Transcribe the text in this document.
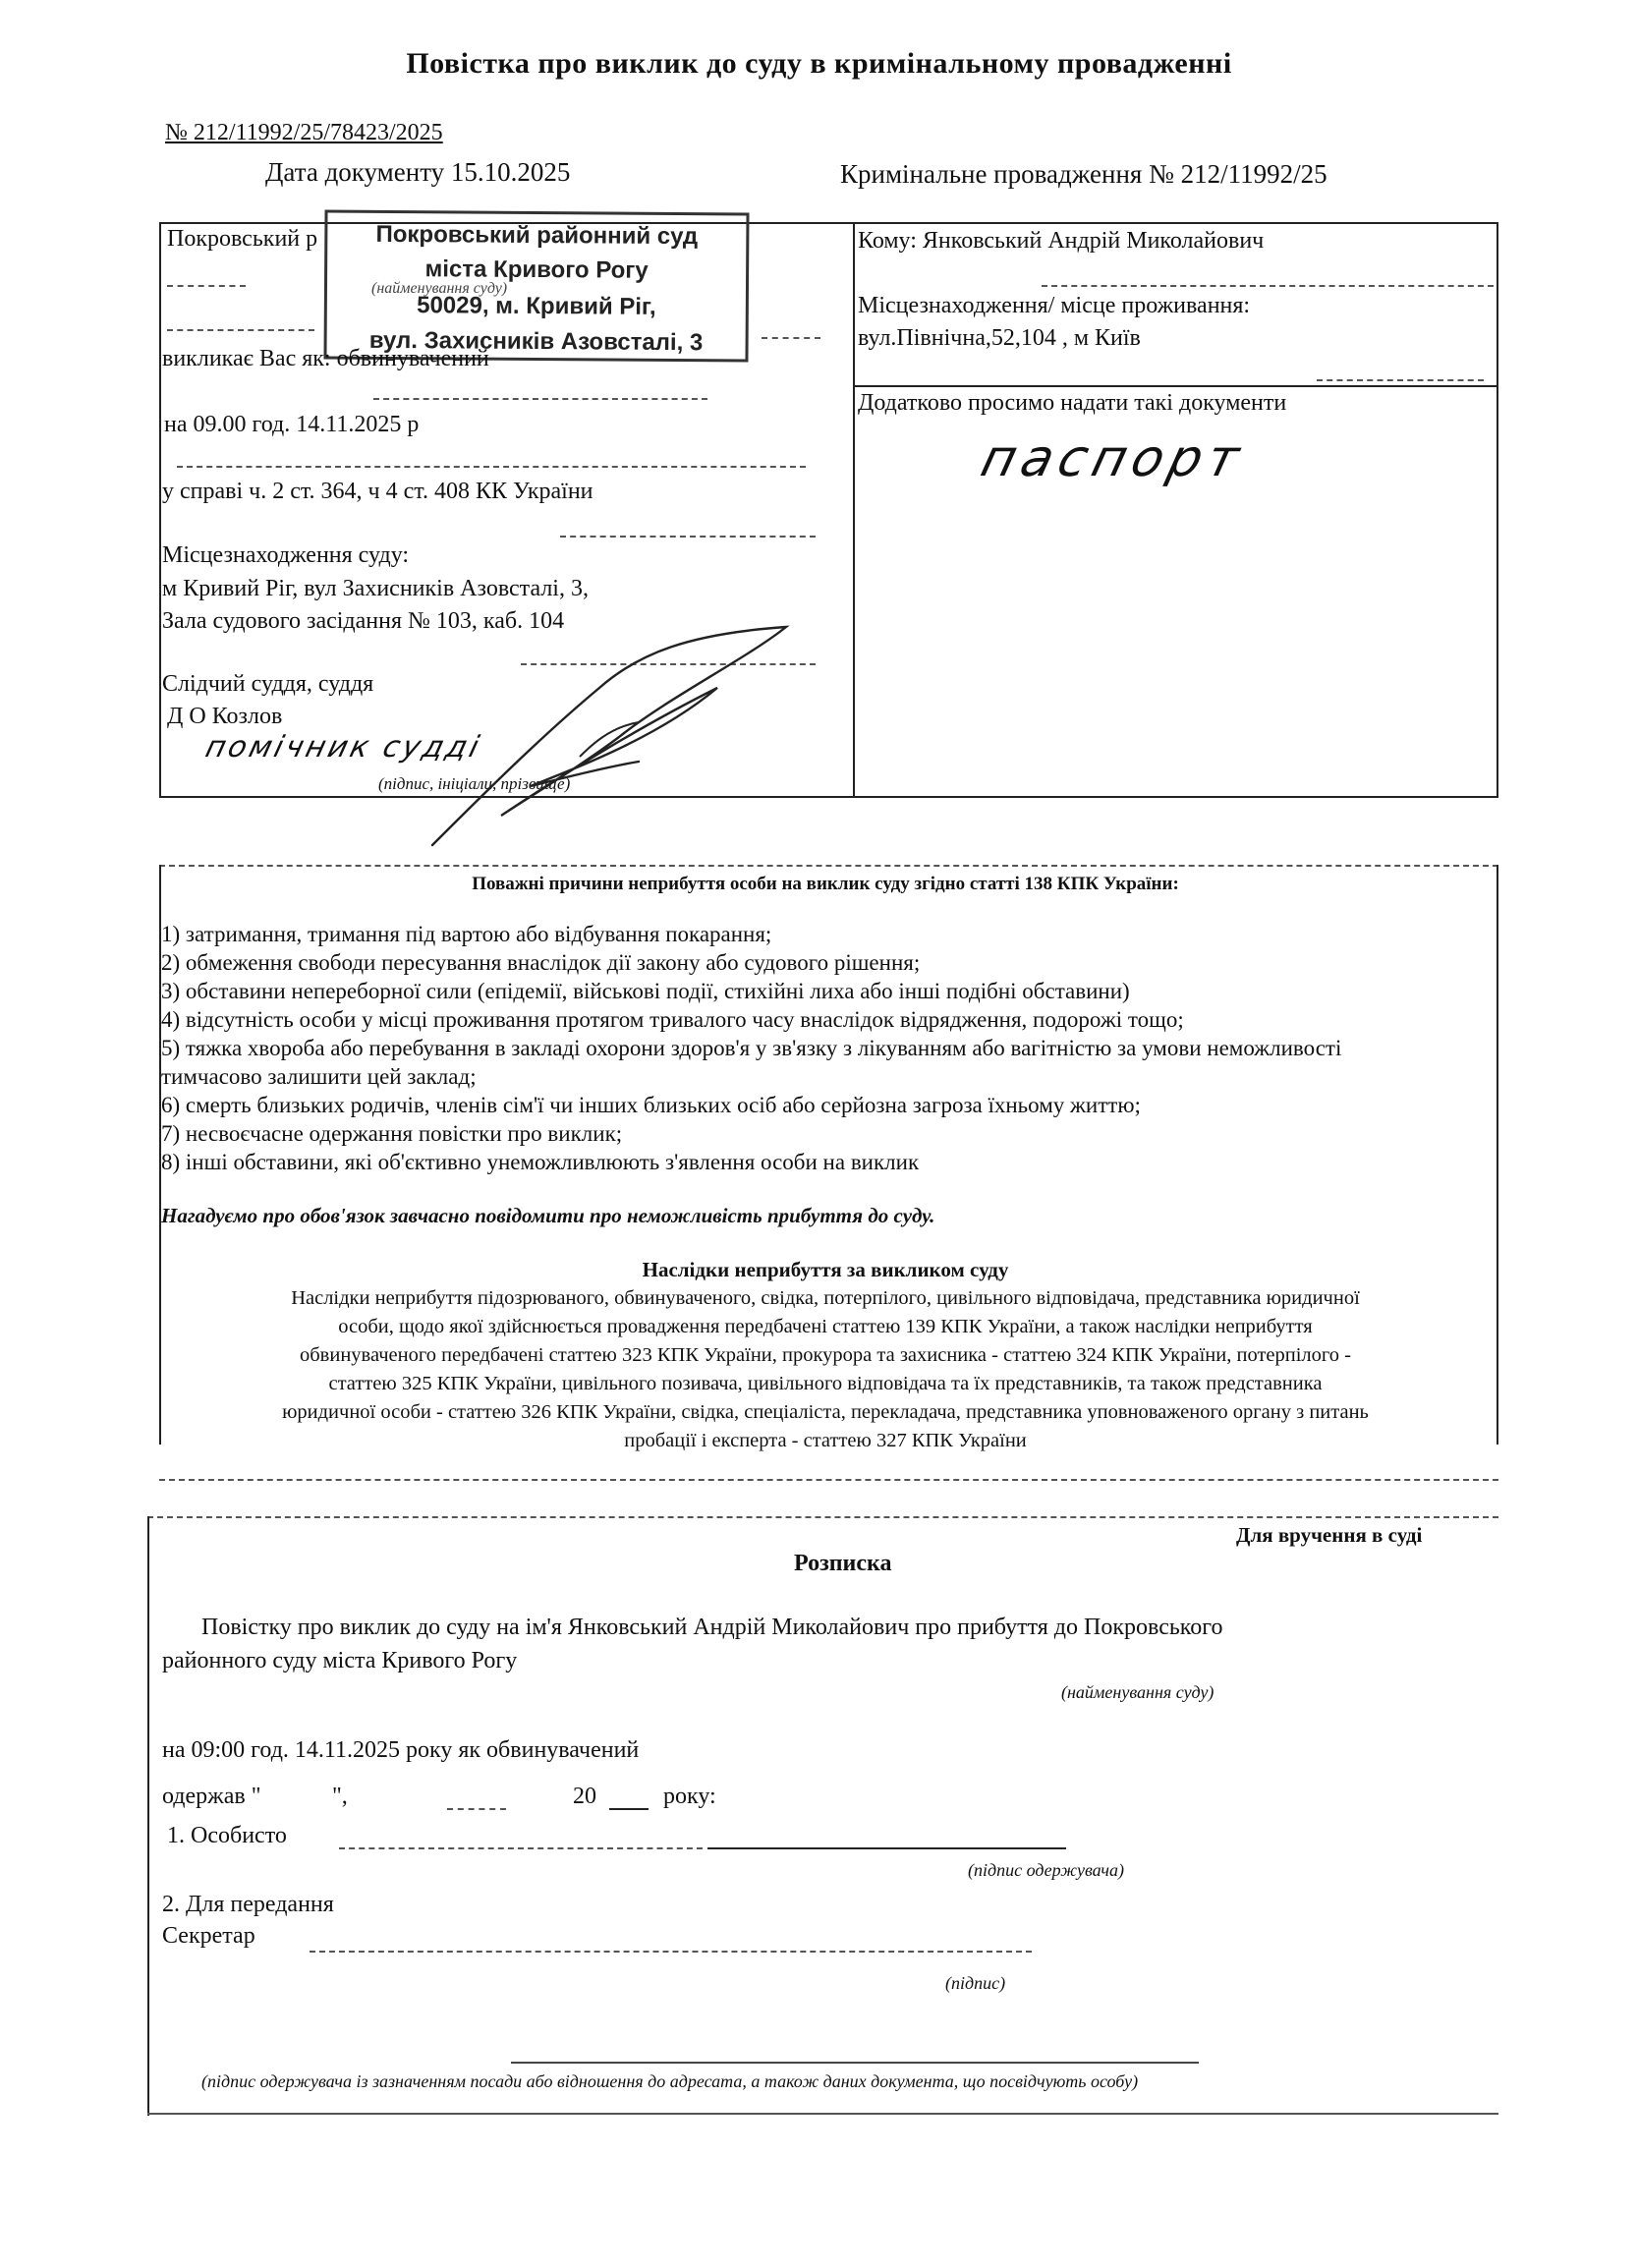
Повістка про виклик до суду в кримінальному провадженні
№ 212/11992/25/78423/2025
Дата документу 15.10.2025	Кримінальне провадження № 212/11992/25
Покровський р	Покровський районний суд
міста Кривого Рогу
50029, м. Кривий Ріг,
вул. Захисників Азовсталі, 3
(найменування суду)
викликає Вас як: обвинувачений
на 09.00 год. 14.11.2025 р
у справі ч. 2 ст. 364, ч 4 ст. 408 КК України
Місцезнаходження суду:
м Кривий Ріг, вул Захисників Азовсталі, 3,
Зала судового засідання № 103, каб. 104
Слідчий суддя, суддя
Д О Козлов
помічник судді
(підпис, ініціали, прізвище)
Кому: Янковський Андрій Миколайович
Місцезнаходження/ місце проживання:
вул.Північна,52,104 , м Київ
Додатково просимо надати такі документи
паспорт
Поважні причини неприбуття особи на виклик суду згідно статті 138 КПК України:
1) затримання, тримання під вартою або відбування покарання;
2) обмеження свободи пересування внаслідок дії закону або судового рішення;
3) обставини непереборної сили (епідемії, військові події, стихійні лиха або інші подібні обставини)
4) відсутність особи у місці проживання протягом тривалого часу внаслідок відрядження, подорожі тощо;
5) тяжка хвороба або перебування в закладі охорони здоров'я у зв'язку з лікуванням або вагітністю за умови неможливості
тимчасово залишити цей заклад;
6) смерть близьких родичів, членів сім'ї чи інших близьких осіб або серйозна загроза їхньому життю;
7) несвоєчасне одержання повістки про виклик;
8) інші обставини, які об'єктивно унеможливлюють з'явлення особи на виклик
Нагадуємо про обов'язок завчасно повідомити про неможливість прибуття до суду.
Наслідки неприбуття за викликом суду
Наслідки неприбуття підозрюваного, обвинуваченого, свідка, потерпілого, цивільного відповідача, представника юридичної
особи, щодо якої здійснюється провадження передбачені статтею 139 КПК України, а також наслідки неприбуття
обвинуваченого передбачені статтею 323 КПК України, прокурора та захисника - статтею 324 КПК України, потерпілого -
статтею 325 КПК України, цивільного позивача, цивільного відповідача та їх представників, та також представника
юридичної особи - статтею 326 КПК України, свідка, спеціаліста, перекладача, представника уповноваженого органу з питань
пробації і експерта - статтею 327 КПК України
Для вручення в суді
Розписка
Повістку про виклик до суду на ім'я Янковський Андрій Миколайович про прибуття до Покровського
районного суду міста Кривого Рогу
(найменування суду)
на 09:00 год. 14.11.2025 року як обвинувачений
одержав "	",	20	року:
1. Особисто
(підпис одержувача)
2. Для передання
Секретар
(підпис)
(підпис одержувача із зазначенням посади або відношення до адресата, а також даних документа, що посвідчують особу)
